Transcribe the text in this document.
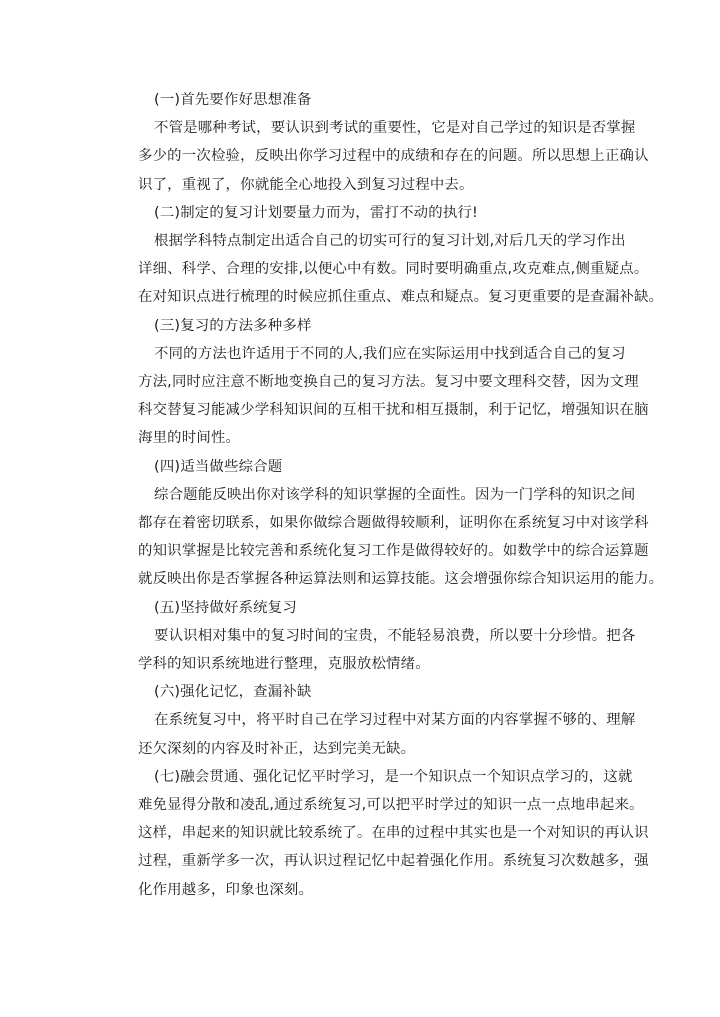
(一)首先要作好思想准备

不管是哪种考试，要认识到考试的重要性，它是对自己学过的知识是否掌握
多少的一次检验，反映出你学习过程中的成绩和存在的问题。所以思想上正确认
识了，重视了，你就能全心地投入到复习过程中去。

(二)制定的复习计划要量力而为，雷打不动的执行!

根据学科特点制定出适合自己的切实可行的复习计划,对后几天的学习作出
详细、科学、合理的安排,以便心中有数。同时要明确重点,攻克难点,侧重疑点。
在对知识点进行梳理的时候应抓住重点、难点和疑点。复习更重要的是查漏补缺。

(三)复习的方法多种多样

不同的方法也许适用于不同的人,我们应在实际运用中找到适合自己的复习
方法,同时应注意不断地变换自己的复习方法。复习中要文理科交替，因为文理
科交替复习能减少学科知识间的互相干扰和相互摄制，利于记忆，增强知识在脑
海里的时间性。

(四)适当做些综合题

综合题能反映出你对该学科的知识掌握的全面性。因为一门学科的知识之间
都存在着密切联系，如果你做综合题做得较顺利，证明你在系统复习中对该学科
的知识掌握是比较完善和系统化复习工作是做得较好的。如数学中的综合运算题
就反映出你是否掌握各种运算法则和运算技能。这会增强你综合知识运用的能力。

(五)坚持做好系统复习

要认识相对集中的复习时间的宝贵，不能轻易浪费，所以要十分珍惜。把各
学科的知识系统地进行整理，克服放松情绪。

(六)强化记忆，查漏补缺

在系统复习中，将平时自己在学习过程中对某方面的内容掌握不够的、理解
还欠深刻的内容及时补正，达到完美无缺。

(七)融会贯通、强化记忆平时学习，是一个知识点一个知识点学习的，这就
难免显得分散和凌乱,通过系统复习,可以把平时学过的知识一点一点地串起来。
这样，串起来的知识就比较系统了。在串的过程中其实也是一个对知识的再认识
过程，重新学多一次，再认识过程记忆中起着强化作用。系统复习次数越多，强
化作用越多，印象也深刻。
